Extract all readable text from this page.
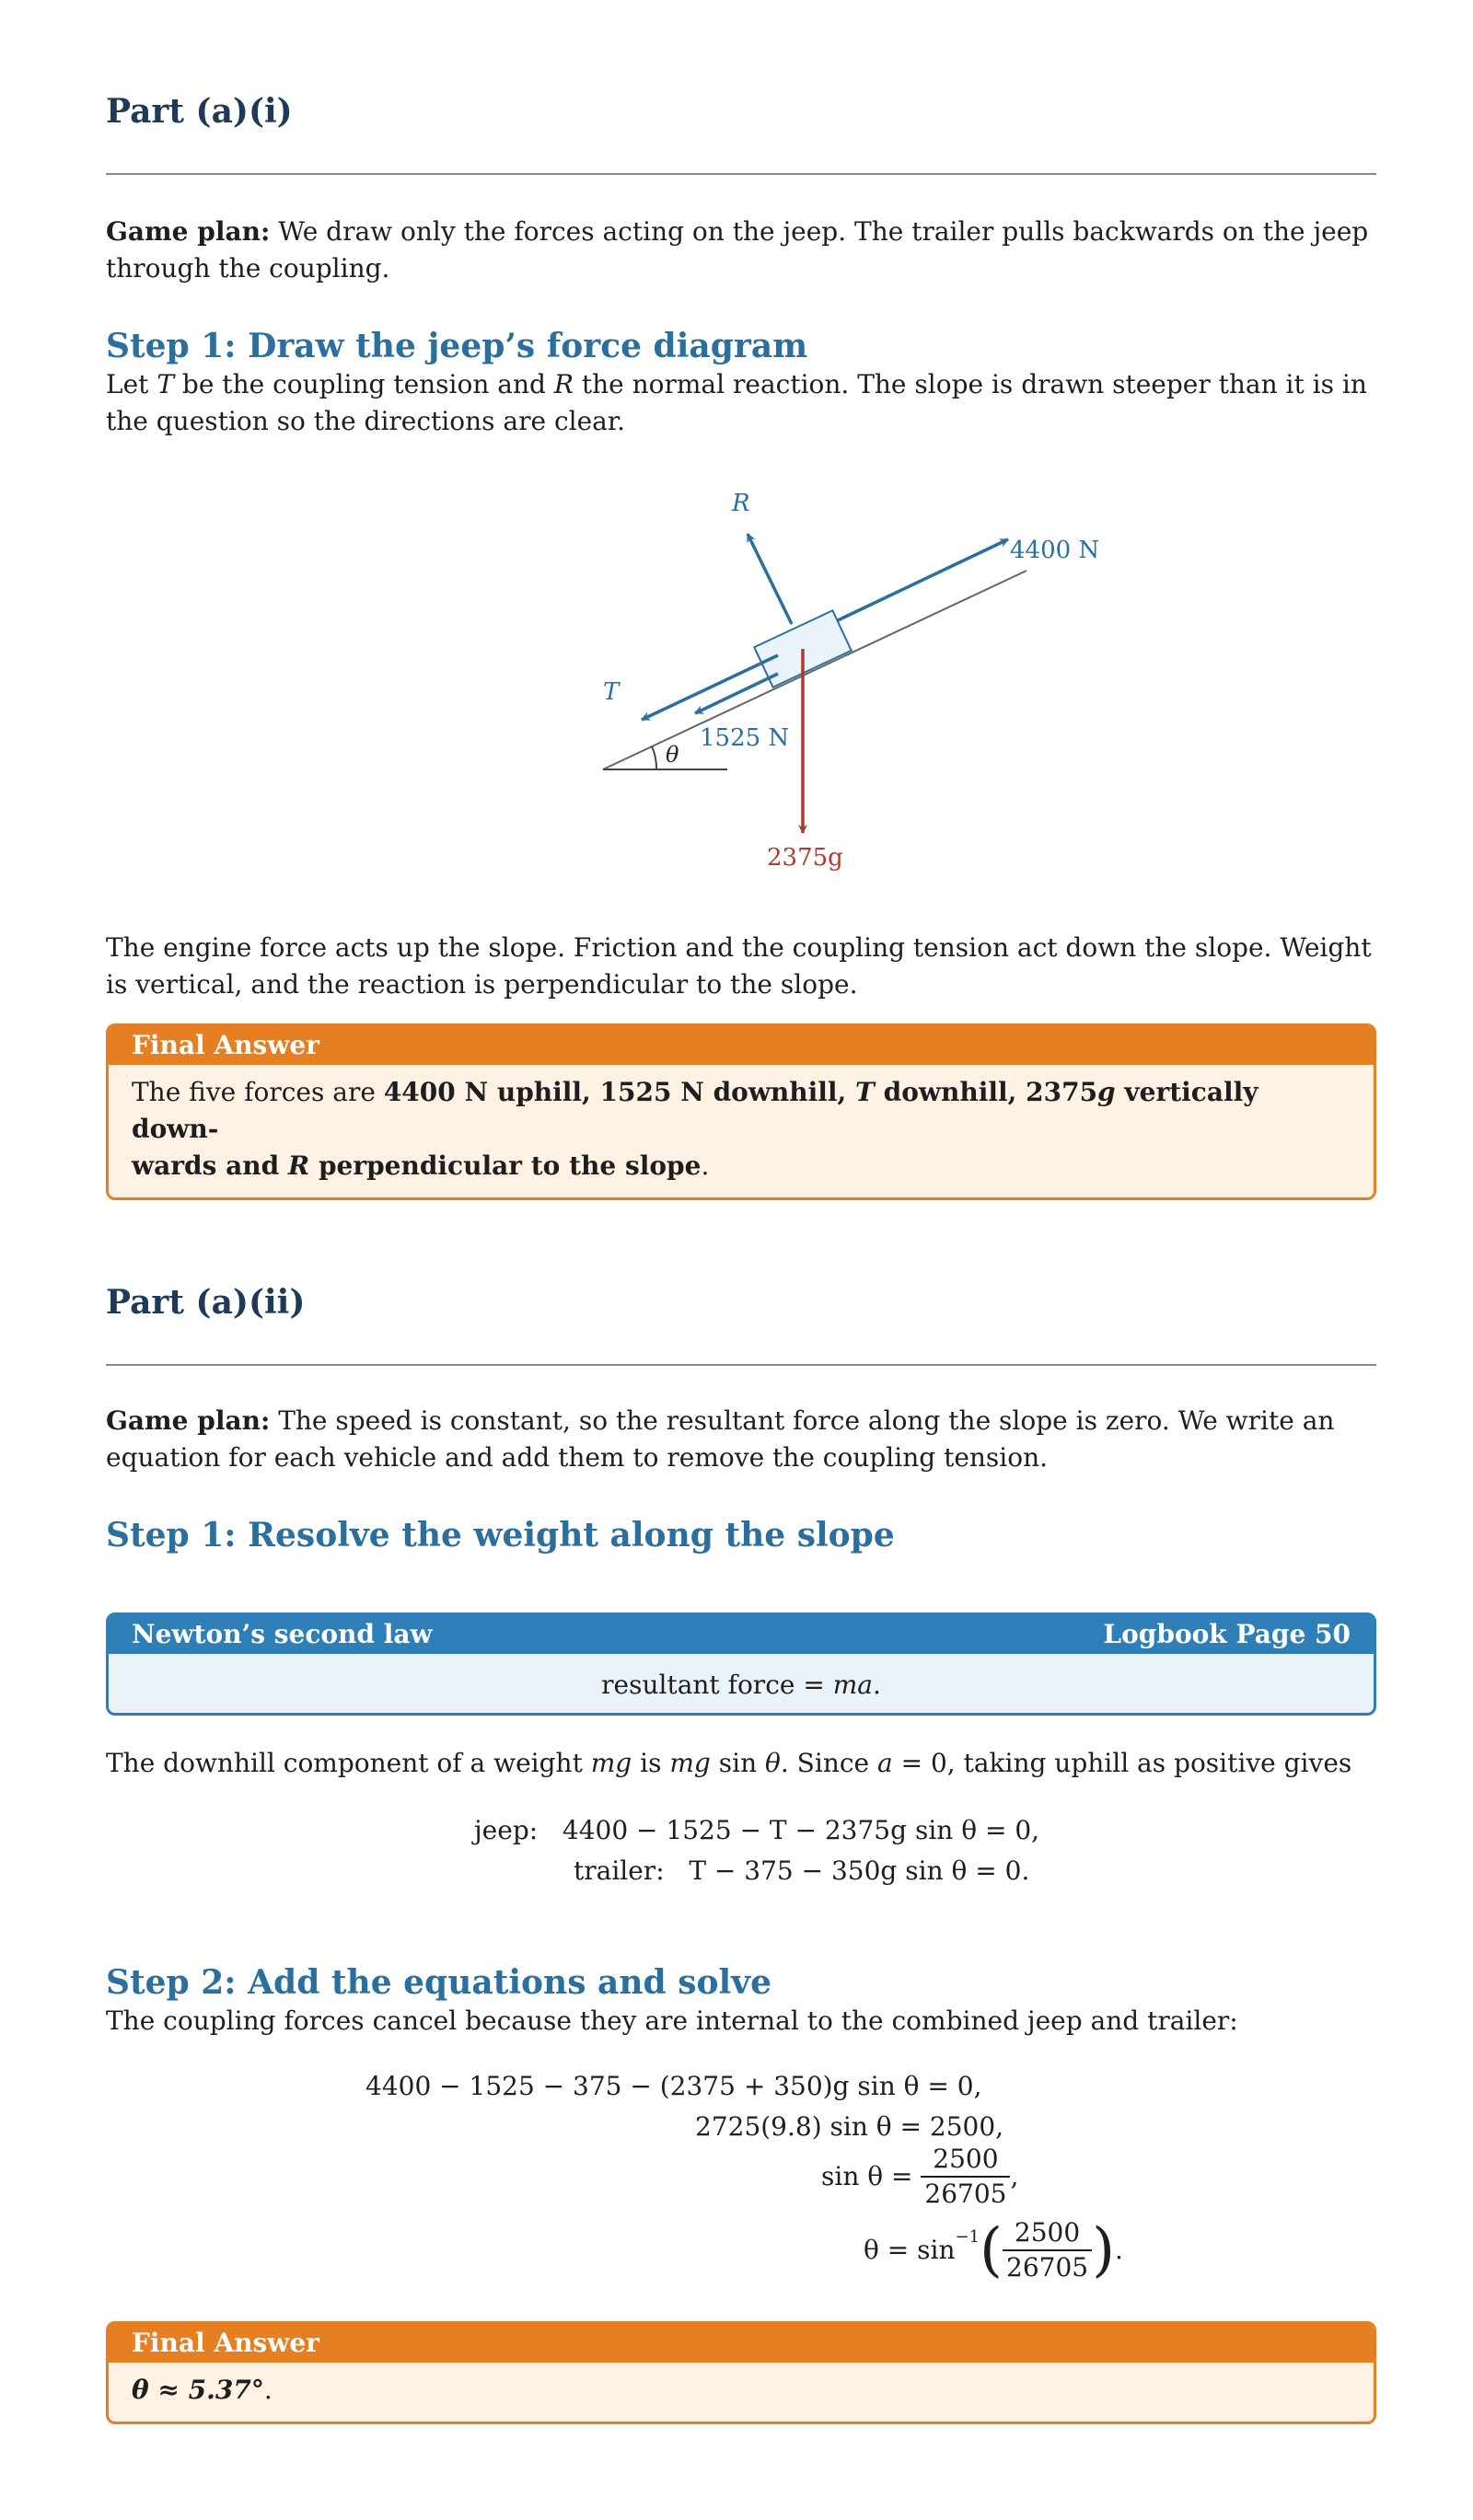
Part (a)(i)

Game plan: We draw only the forces acting on the jeep. The trailer pulls backwards on the jeep through the coupling.

Step 1: Draw the jeep’s force diagram

Let T be the coupling tension and R the normal reaction. The slope is drawn steeper than it is in the question so the directions are clear.

θ
R
4400 N
T
1525 N
2375g

The engine force acts up the slope. Friction and the coupling tension act down the slope. Weight is vertical, and the reaction is perpendicular to the slope.

Final Answer
The five forces are 4400 N uphill, 1525 N downhill, T downhill, 2375g vertically down-
wards and R perpendicular to the slope.
Part (a)(ii)

Game plan: The speed is constant, so the resultant force along the slope is zero. We write an equation for each vehicle and add them to remove the coupling tension.

Step 1: Resolve the weight along the slope
Newton’s second law	Logbook Page 50
resultant force = ma.

The downhill component of a weight mg is mg sin θ. Since a = 0, taking uphill as positive gives

jeep: 4400 − 1525 − T − 2375g sin θ = 0,
trailer: T − 375 − 350g sin θ = 0.
Step 2: Add the equations and solve

The coupling forces cancel because they are internal to the combined jeep and trailer:

4400 − 1525 − 375 − (2375 + 350)g sin θ = 0,
2725(9.8) sin θ = 2500,
sin θ =
$\frac{2500}{26705}$ ,
$\theta = \sin^{-1}$ ( $\frac{2500}{26705}$ ) .
Final Answer
θ ≈ 5.37°.
